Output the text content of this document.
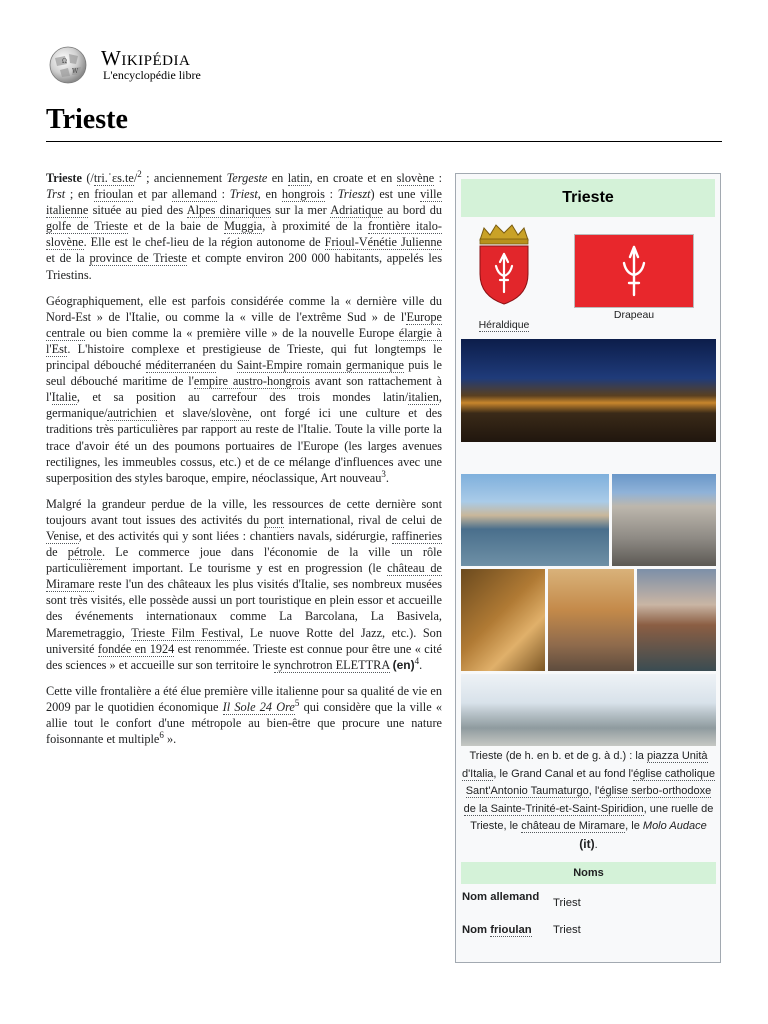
Ω
W
Wikipédia
L'encyclopédie libre
Trieste

Trieste (/tri.ˈɛs.te/$^2$ ; anciennement Tergeste en latin, en croate et en slovène : Trst ; en frioulan et par allemand : Triest, en hongrois : Trieszt) est une ville italienne située au pied des Alpes dinariques sur la mer Adriatique au bord du golfe de Trieste et de la baie de Muggia, à proximité de la frontière italo-slovène. Elle est le chef-lieu de la région autonome de Frioul-Vénétie Julienne et de la province de Trieste et compte environ 200 000 habitants, appelés les Triestins.

Géographiquement, elle est parfois considérée comme la « dernière ville du Nord-Est » de l'Italie, ou comme la « ville de l'extrême Sud » de l'Europe centrale ou bien comme la « première ville » de la nouvelle Europe élargie à l'Est. L'histoire complexe et prestigieuse de Trieste, qui fut longtemps le principal débouché méditerranéen du Saint-Empire romain germanique puis le seul débouché maritime de l'empire austro-hongrois avant son rattachement à l'Italie, et sa position au carrefour des trois mondes latin/italien, germanique/autrichien et slave/slovène, ont forgé ici une culture et des traditions très particulières par rapport au reste de l'Italie. Toute la ville porte la trace d'avoir été un des poumons portuaires de l'Europe (les larges avenues rectilignes, les immeubles cossus, etc.) et de ce mélange d'influences avec une superposition des styles baroque, empire, néoclassique, Art nouveau$^3$.

Malgré la grandeur perdue de la ville, les ressources de cette dernière sont toujours avant tout issues des activités du port international, rival de celui de Venise, et des activités qui y sont liées : chantiers navals, sidérurgie, raffineries de pétrole. Le commerce joue dans l'économie de la ville un rôle particulièrement important. Le tourisme y est en progression (le château de Miramare reste l'un des châteaux les plus visités d'Italie, ses nombreux musées sont très visités, elle possède aussi un port touristique en plein essor et accueille des événements internationaux comme La Barcolana, La Basivela, Maremetraggio, Trieste Film Festival, Le nuove Rotte del Jazz, etc.). Son université fondée en 1924 est renommée. Trieste est connue pour être une « cité des sciences » et accueille sur son territoire le synchrotron ELETTRA (en)$^4$.

Cette ville frontalière a été élue première ville italienne pour sa qualité de vie en 2009 par le quotidien économique Il Sole 24 Ore$^5$ qui considère que la ville « allie tout le confort d'une métropole au bien-être que procure une nature foisonnante et multiple$^6$ ».

Trieste
Héraldique
Drapeau
Trieste (de h. en b. et de g. à d.) : la piazza Unità d'Italia, le Grand Canal et au fond l'église catholique Sant'Antonio Taumaturgo, l'église serbo-orthodoxe de la Sainte-Trinité-et-Saint-Spiridion, une ruelle de Trieste, le château de Miramare, le Molo Audace (it).
Noms
Nom allemand	Triest
Nom frioulan	Triest
